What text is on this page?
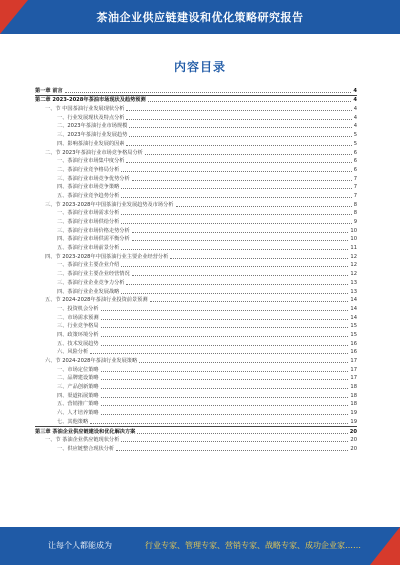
茶油企业供应链建设和优化策略研究报告
内容目录
第一章 前言	4
第二章 2023-2028年茶油市场现状及趋势预测	4
一、节 中国茶油行业发展现状分析	4
一、行业发展现状及特点分析	4
二、2023年茶油行业市场规模	4
三、2023年茶油行业发展趋势	5
四、影响茶油行业发展的因素	5
二、节 2023年茶油行业市场竞争格局分析	6
一、茶油行业市场集中度分析	6
二、茶油行业竞争格局分析	6
三、茶油行业市场竞争优势分析	7
四、茶油行业市场竞争策略	7
五、茶油行业竞争趋势分析	7
三、节 2023-2028年中国茶油行业发展趋势及市场分析	8
一、茶油行业市场需求分析	8
二、茶油行业市场供给分析	9
三、茶油行业市场价格走势分析	10
四、茶油行业市场供需平衡分析	10
五、茶油行业市场前景分析	11
四、节 2023-2028年中国茶油行业主要企业经营分析	12
一、茶油行业主要企业介绍	12
二、茶油行业主要企业经营情况	12
三、茶油行业企业竞争力分析	13
四、茶油行业企业发展战略	13
五、节 2024-2028年茶油行业投资前景预测	14
一、投资机会分析	14
二、市场需求预测	14
三、行业竞争格局	15
四、政策环境分析	15
五、技术发展趋势	16
六、风险分析	16
六、节 2024-2028年茶油行业发展策略	17
一、市场定位策略	17
二、品牌建设策略	17
三、产品创新策略	18
四、渠道拓展策略	18
五、营销推广策略	18
六、人才培养策略	19
七、其他策略	19
第三章 茶油企业供应链建设和优化解决方案	20
一、节 茶油企业供应链现状分析	20
一、供应链整合现状分析	20
让每个人都能成为	行业专家、管理专家、营销专家、战略专家、成功企业家……
